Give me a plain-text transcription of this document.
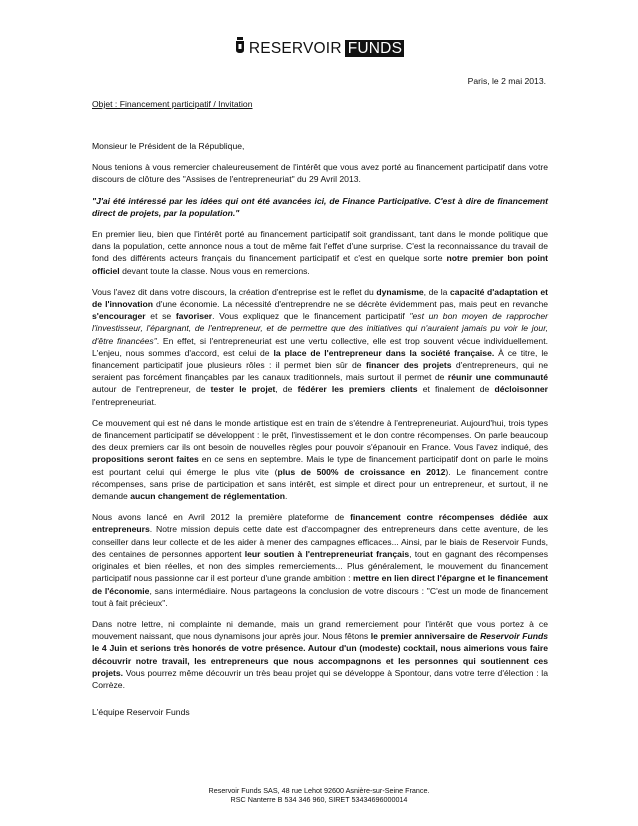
RESERVOIR FUNDS
Paris, le 2 mai 2013.
Objet : Financement participatif / Invitation

Monsieur le Président de la République,

Nous tenions à vous remercier chaleureusement de l'intérêt que vous avez porté au financement participatif dans votre discours de clôture des "Assises de l'entrepreneuriat" du 29 Avril 2013.

"J'ai été intéressé par les idées qui ont été avancées ici, de Finance Participative. C'est à dire de financement direct de projets, par la population."

En premier lieu, bien que l'intérêt porté au financement participatif soit grandissant, tant dans le monde politique que dans la population, cette annonce nous a tout de même fait l'effet d'une surprise. C'est la reconnaissance du travail de fond des différents acteurs français du financement participatif et c'est en quelque sorte notre premier bon point officiel devant toute la classe. Nous vous en remercions.

Vous l'avez dit dans votre discours, la création d'entreprise est le reflet du dynamisme, de la capacité d'adaptation et de l'innovation d'une économie. La nécessité d'entreprendre ne se décrète évidemment pas, mais peut en revanche s'encourager et se favoriser. Vous expliquez que le financement participatif "est un bon moyen de rapprocher l'investisseur, l'épargnant, de l'entrepreneur, et de permettre que des initiatives qui n'auraient jamais pu voir le jour, d'être financées". En effet, si l'entrepreneuriat est une vertu collective, elle est trop souvent vécue individuellement. L'enjeu, nous sommes d'accord, est celui de la place de l'entrepreneur dans la société française. À ce titre, le financement participatif joue plusieurs rôles : il permet bien sûr de financer des projets d'entrepreneurs, qui ne seraient pas forcément finançables par les canaux traditionnels, mais surtout il permet de réunir une communauté autour de l'entrepreneur, de tester le projet, de fédérer les premiers clients et finalement de décloisonner l'entrepreneuriat.

Ce mouvement qui est né dans le monde artistique est en train de s'étendre à l'entrepreneuriat. Aujourd'hui, trois types de financement participatif se développent : le prêt, l'investissement et le don contre récompenses. On parle beaucoup des deux premiers car ils ont besoin de nouvelles règles pour pouvoir s'épanouir en France. Vous l'avez indiqué, des propositions seront faites en ce sens en septembre. Mais le type de financement participatif dont on parle le moins est pourtant celui qui émerge le plus vite (plus de 500% de croissance en 2012). Le financement contre récompenses, sans prise de participation et sans intérêt, est simple et direct pour un entrepreneur, et surtout, il ne demande aucun changement de réglementation.

Nous avons lancé en Avril 2012 la première plateforme de financement contre récompenses dédiée aux entrepreneurs. Notre mission depuis cette date est d'accompagner des entrepreneurs dans cette aventure, de les conseiller dans leur collecte et de les aider à mener des campagnes efficaces... Ainsi, par le biais de Reservoir Funds, des centaines de personnes apportent leur soutien à l'entrepreneuriat français, tout en gagnant des récompenses originales et bien réelles, et non des simples remerciements... Plus généralement, le mouvement du financement participatif nous passionne car il est porteur d'une grande ambition : mettre en lien direct l'épargne et le financement de l'économie, sans intermédiaire. Nous partageons la conclusion de votre discours : "C'est un mode de financement tout à fait précieux".

Dans notre lettre, ni complainte ni demande, mais un grand remerciement pour l'intérêt que vous portez à ce mouvement naissant, que nous dynamisons jour après jour. Nous fêtons le premier anniversaire de Reservoir Funds le 4 Juin et serions très honorés de votre présence. Autour d'un (modeste) cocktail, nous aimerions vous faire découvrir notre travail, les entrepreneurs que nous accompagnons et les personnes qui soutiennent ces projets. Vous pourrez même découvrir un très beau projet qui se développe à Spontour, dans votre terre d'élection : la Corrèze.

L'équipe Reservoir Funds
Reservoir Funds SAS, 48 rue Lehot 92600 Asnière-sur-Seine France.
RSC Nanterre B 534 346 960, SIRET 53434696000014
